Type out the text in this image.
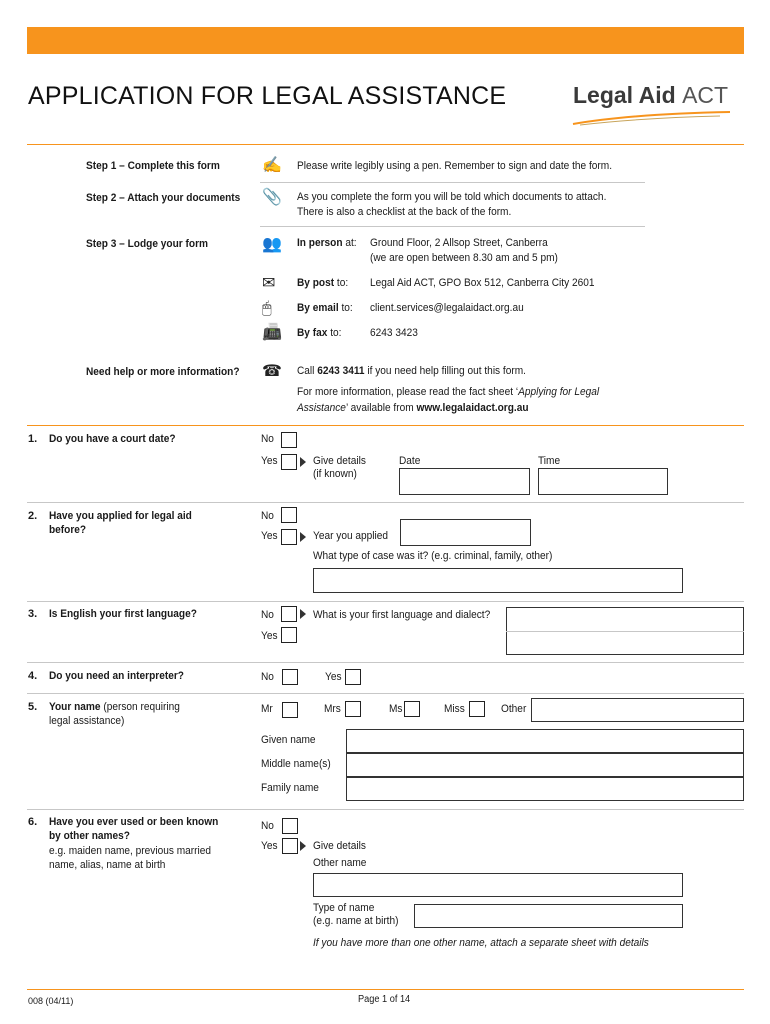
APPLICATION FOR LEGAL ASSISTANCE	Legal Aid ACT
Step 1 – Complete this form	✍ Please write legibly using a pen. Remember to sign and date the form.
Step 2 – Attach your documents 📎 As you complete the form you will be told which documents to attach.
There is also a checklist at the back of the form.
Step 3 – Lodge your form	👥 In person at: Ground Floor, 2 Allsop Street, Canberra
(we are open between 8.30 am and 5 pm)
✉ By post to: Legal Aid ACT, GPO Box 512, Canberra City 2601
🖱 By email to: client.services@legalaidact.org.au
📠 By fax to:	6243 3423
Need help or more information? ☎ Call 6243 3411 if you need help filling out this form.
For more information, please read the fact sheet ‘Applying for Legal
Assistance’ available from www.legalaidact.org.au
1. Do you have a court date?	No
Yes	Give details
(if known)
Date	Time
2. Have you applied for legal aid
before?
No
Yes	Year you applied
What type of case was it? (e.g. criminal, family, other)
3. Is English your first language?	No	What is your first language and dialect?
Yes
4. Do you need an interpreter?	No	Yes
5. Your name (person requiring
legal assistance)
Mr	Mrs	Ms	Miss	Other
Given name
Middle name(s)
Family name
6. Have you ever used or been known
by other names?
e.g. maiden name, previous married
name, alias, name at birth
No
Yes	Give details
Other name
Type of name
(e.g. name at birth)
If you have more than one other name, attach a separate sheet with details
008 (04/11)	Page 1 of 14
